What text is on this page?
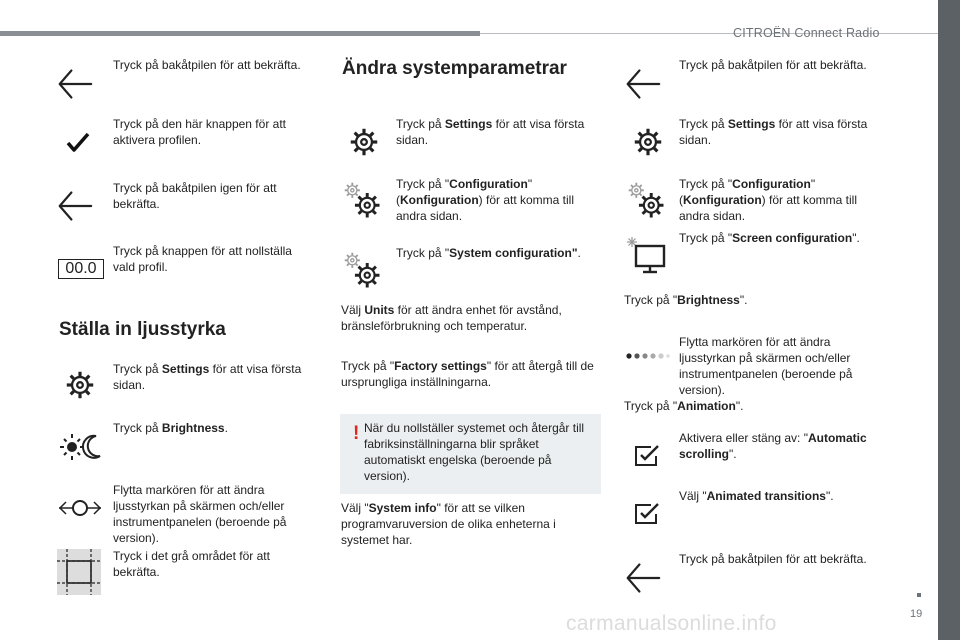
CITROËN Connect Radio
19
carmanualsonline.info
Tryck på bakåtpilen för att bekräfta.
Tryck på den här knappen för att aktivera profilen.
Tryck på bakåtpilen igen för att bekräfta.
00.0
Tryck på knappen för att nollställa vald profil.
Ställa in ljusstyrka
Tryck på Settings för att visa första sidan.
Tryck på Brightness.
Flytta markören för att ändra ljusstyrkan på skärmen och/eller instrumentpanelen (beroende på version).
Tryck i det grå området för att bekräfta.
Ändra systemparametrar
Tryck på Settings för att visa första sidan.
Tryck på "Configuration" (Konfiguration) för att komma till andra sidan.
Tryck på "System configuration".
Välj Units för att ändra enhet för avstånd, bränsleförbrukning och temperatur.
Tryck på "Factory settings" för att återgå till de ursprungliga inställningarna.
! När du nollställer systemet och återgår till fabriksinställningarna blir språket automatiskt engelska (beroende på version).
Välj "System info" för att se vilken programvaruversion de olika enheterna i systemet har.
Tryck på bakåtpilen för att bekräfta.
Tryck på Settings för att visa första sidan.
Tryck på "Configuration" (Konfiguration) för att komma till andra sidan.
Tryck på "Screen configuration".
Tryck på "Brightness".
Flytta markören för att ändra ljusstyrkan på skärmen och/eller instrumentpanelen (beroende på version).
Tryck på "Animation".
Aktivera eller stäng av: "Automatic scrolling".
Välj "Animated transitions".
Tryck på bakåtpilen för att bekräfta.
